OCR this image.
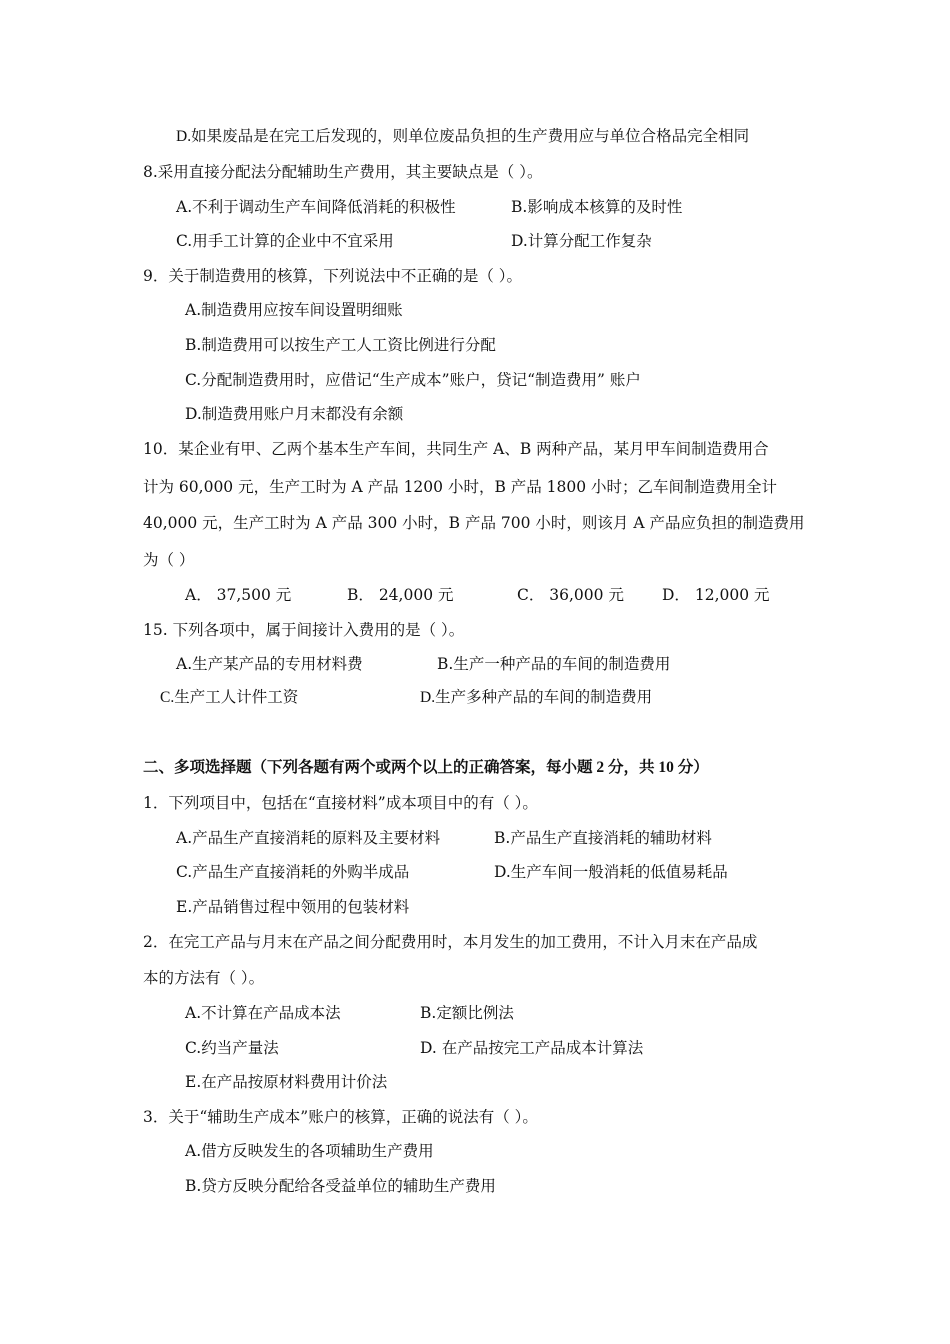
D.如果废品是在完工后发现的，则单位废品负担的生产费用应与单位合格品完全相同
8.采用直接分配法分配辅助生产费用，其主要缺点是（ ）。
A.不利于调动生产车间降低消耗的积极性	B.影响成本核算的及时性
C.用手工计算的企业中不宜采用	D.计算分配工作复杂
9．关于制造费用的核算，下列说法中不正确的是（ ）。
A.制造费用应按车间设置明细账
B.制造费用可以按生产工人工资比例进行分配
C.分配制造费用时，应借记“生产成本”账户，贷记“制造费用” 账户
D.制造费用账户月末都没有余额
10．某企业有甲、乙两个基本生产车间，共同生产 A、B 两种产品，某月甲车间制造费用合
计为 60,000 元，生产工时为 A 产品 1200 小时，B 产品 1800 小时；乙车间制造费用全计
40,000 元，生产工时为 A 产品 300 小时，B 产品 700 小时，则该月 A 产品应负担的制造费用
为（ ）
A． 37,500 元	B． 24,000 元	C． 36,000 元 D． 12,000 元
15. 下列各项中，属于间接计入费用的是（ ）。
A.生产某产品的专用材料费	B.生产一种产品的车间的制造费用
C.生产工人计件工资	D.生产多种产品的车间的制造费用
二、多项选择题（下列各题有两个或两个以上的正确答案，每小题 2 分，共 10 分）
1．下列项目中，包括在“直接材料”成本项目中的有（ ）。
A.产品生产直接消耗的原料及主要材料	B.产品生产直接消耗的辅助材料
C.产品生产直接消耗的外购半成品	D.生产车间一般消耗的低值易耗品
E.产品销售过程中领用的包装材料
2．在完工产品与月末在产品之间分配费用时，本月发生的加工费用，不计入月末在产品成
本的方法有（ ）。
A.不计算在产品成本法	B.定额比例法
C.约当产量法	D. 在产品按完工产品成本计算法
E.在产品按原材料费用计价法
3．关于“辅助生产成本”账户的核算，正确的说法有（ ）。
A.借方反映发生的各项辅助生产费用
B.贷方反映分配给各受益单位的辅助生产费用
